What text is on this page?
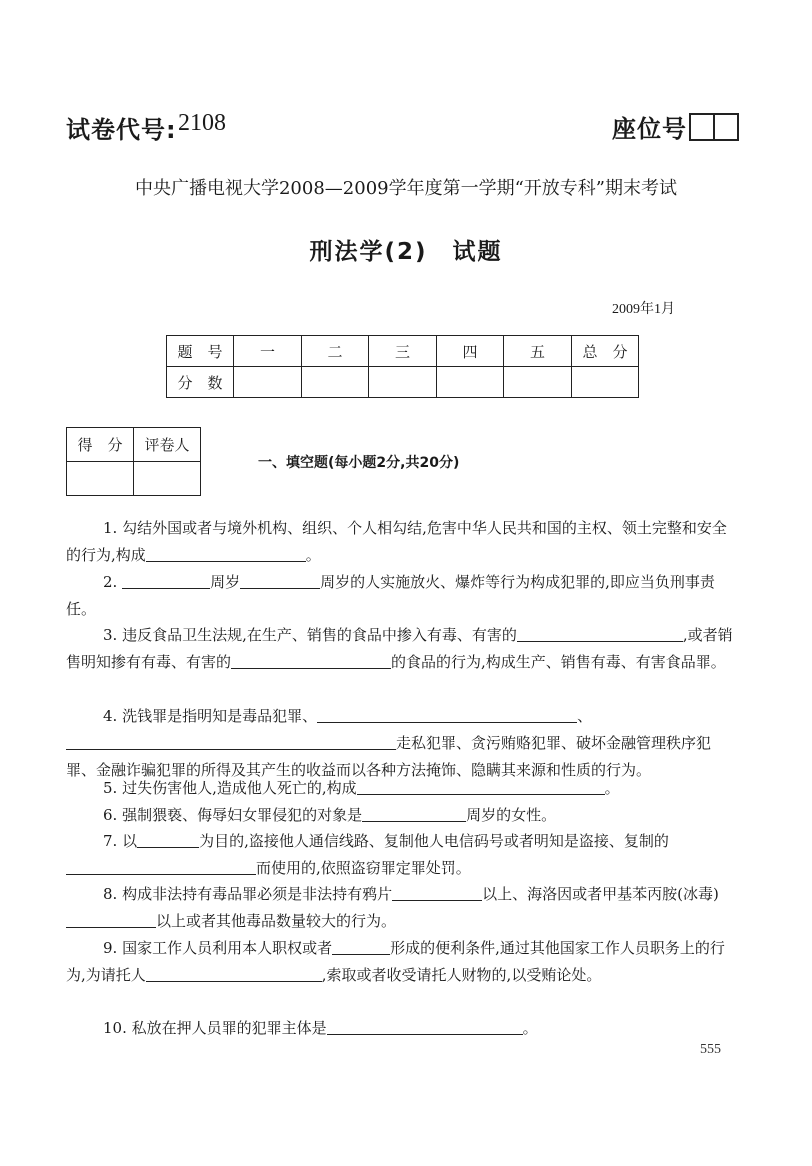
试卷代号: 2108	座位号
中央广播电视大学2008—2009学年度第一学期“开放专科”期末考试
刑法学(2)　试题
2009年1月
题　号	一	二	三	四	五	总　分
分　数						
得　分	评卷人

一、填空题(每小题2分,共20分)
1. 勾结外国或者与境外机构、组织、个人相勾结,危害中华人民共和国的主权、领土完整和安全的行为,构成	。
2.	周岁	周岁的人实施放火、爆炸等行为构成犯罪的,即应当负刑事责任。
3. 违反食品卫生法规,在生产、销售的食品中掺入有毒、有害的	,或者销售明知掺有有毒、有害的	的食品的行为,构成生产、销售有毒、有害食品罪。
4. 洗钱罪是指明知是毒品犯罪、	、走私犯罪、贪污贿赂犯罪、破坏金融管理秩序犯罪、金融诈骗犯罪的所得及其产生的收益而以各种方法掩饰、隐瞒其来源和性质的行为。
5. 过失伤害他人,造成他人死亡的,构成	。
6. 强制猥亵、侮辱妇女罪侵犯的对象是	周岁的女性。
7. 以	为目的,盗接他人通信线路、复制他人电信码号或者明知是盗接、复制的而使用的,依照盗窃罪定罪处罚。
8. 构成非法持有毒品罪必须是非法持有鸦片	以上、海洛因或者甲基苯丙胺(冰毒)以上或者其他毒品数量较大的行为。
9. 国家工作人员利用本人职权或者	形成的便利条件,通过其他国家工作人员职务上的行为,为请托人	,索取或者收受请托人财物的,以受贿论处。
10. 私放在押人员罪的犯罪主体是	。
555
